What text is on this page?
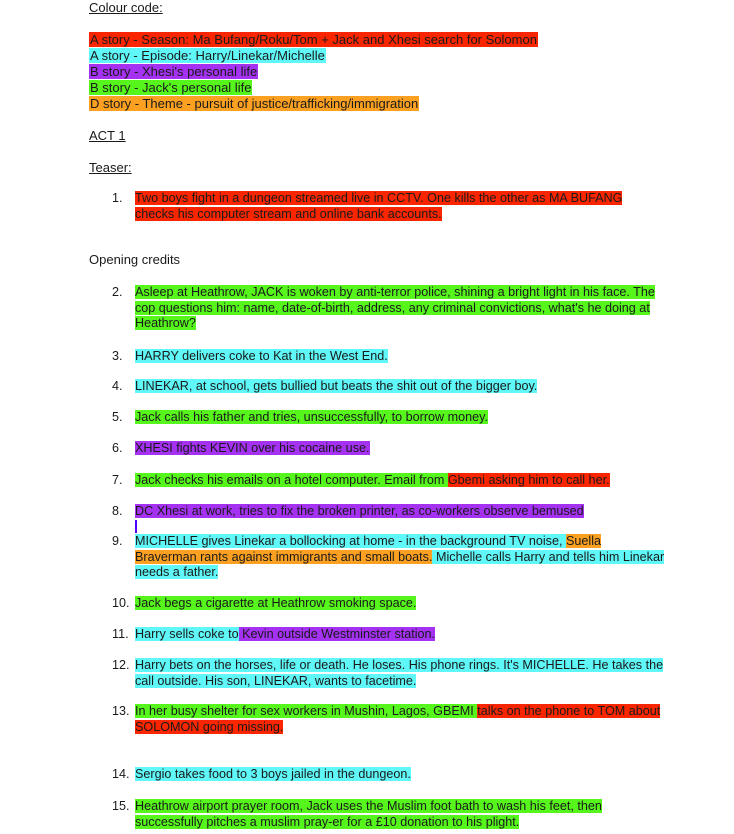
Colour code:
A story - Season: Ma Bufang/Roku/Tom + Jack and Xhesi search for Solomon
A story - Episode: Harry/Linekar/Michelle
B story - Xhesi's personal life
B story - Jack's personal life
D story - Theme - pursuit of justice/trafficking/immigration
ACT 1
Teaser:
Opening credits
1. Two boys fight in a dungeon streamed live in CCTV. One kills the other as MA BUFANG checks his computer stream and online bank accounts.
2. Asleep at Heathrow, JACK is woken by anti-terror police, shining a bright light in his face. The cop questions him: name, date-of-birth, address, any criminal convictions, what's he doing at Heathrow?
3. HARRY delivers coke to Kat in the West End.
4. LINEKAR, at school, gets bullied but beats the shit out of the bigger boy.
5. Jack calls his father and tries, unsuccessfully, to borrow money.
6. XHESI fights KEVIN over his cocaine use.
7. Jack checks his emails on a hotel computer. Email from Gbemi asking him to call her.
8. DC Xhesi at work, tries to fix the broken printer, as co-workers observe bemused

9. MICHELLE gives Linekar a bollocking at home - in the background TV noise, Suella Braverman rants against immigrants and small boats. Michelle calls Harry and tells him Linekar needs a father.
10. Jack begs a cigarette at Heathrow smoking space.
11. Harry sells coke to Kevin outside Westminster station.
12. Harry bets on the horses, life or death. He loses. His phone rings. It's MICHELLE. He takes the call outside. His son, LINEKAR, wants to facetime.
13. In her busy shelter for sex workers in Mushin, Lagos, GBEMI talks on the phone to TOM about SOLOMON going missing.
14. Sergio takes food to 3 boys jailed in the dungeon.
15. Heathrow airport prayer room, Jack uses the Muslim foot bath to wash his feet, then successfully pitches a muslim pray-er for a £10 donation to his plight.
